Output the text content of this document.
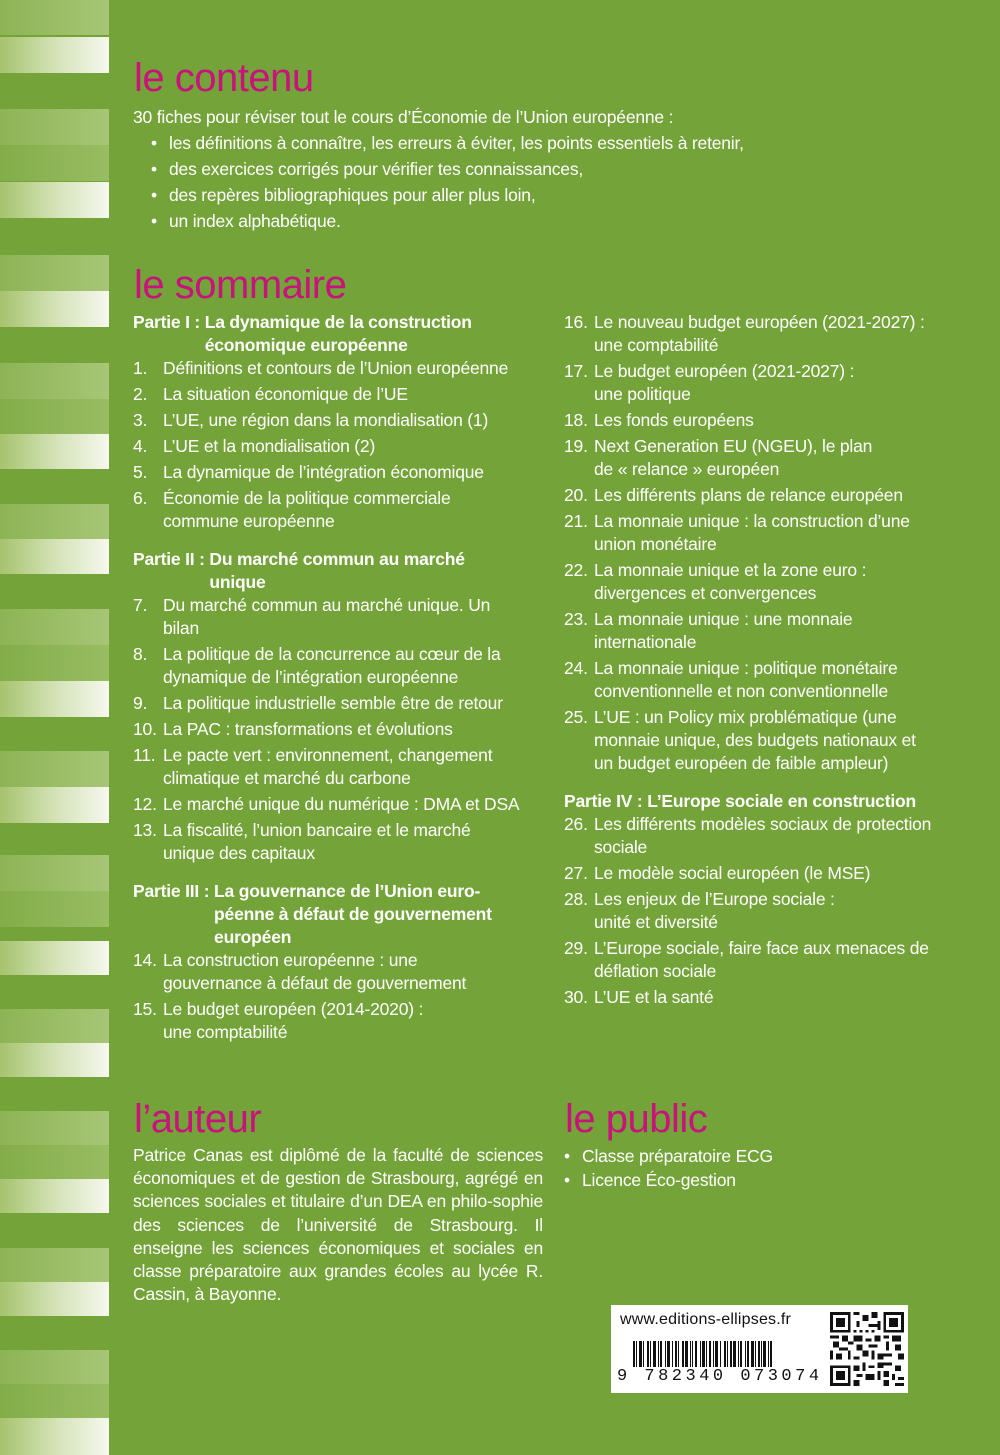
le contenu
30 fiches pour réviser tout le cours d’Économie de l’Union européenne :
• les définitions à connaître, les erreurs à éviter, les points essentiels à retenir,
• des exercices corrigés pour vérifier tes connaissances,
• des repères bibliographiques pour aller plus loin,
• un index alphabétique.
le sommaire
Partie I : La dynamique de la construction économique européenne
1. Définitions et contours de l’Union européenne
2. La situation économique de l’UE
3. L’UE, une région dans la mondialisation (1)
4. L’UE et la mondialisation (2)
5. La dynamique de l’intégration économique
6. Économie de la politique commerciale commune européenne
Partie II : Du marché commun au marché unique
7. Du marché commun au marché unique. Un bilan
8. La politique de la concurrence au cœur de la dynamique de l’intégration européenne
9. La politique industrielle semble être de retour
10. La PAC : transformations et évolutions
11. Le pacte vert : environnement, changement climatique et marché du carbone
12. Le marché unique du numérique : DMA et DSA
13. La fiscalité, l’union bancaire et le marché unique des capitaux
Partie III : La gouvernance de l’Union euro-péenne à défaut de gouvernement européen
14. La construction européenne : une gouvernance à défaut de gouvernement
15. Le budget européen (2014-2020) : une comptabilité
16. Le nouveau budget européen (2021-2027) : une comptabilité
17. Le budget européen (2021-2027) : une politique
18. Les fonds européens
19. Next Generation EU (NGEU), le plan de « relance » européen
20. Les différents plans de relance européen
21. La monnaie unique : la construction d’une union monétaire
22. La monnaie unique et la zone euro : divergences et convergences
23. La monnaie unique : une monnaie internationale
24. La monnaie unique : politique monétaire conventionnelle et non conventionnelle
25. L’UE : un Policy mix problématique (une monnaie unique, des budgets nationaux et un budget européen de faible ampleur)
Partie IV : L’Europe sociale en construction
26. Les différents modèles sociaux de protection sociale
27. Le modèle social européen (le MSE)
28. Les enjeux de l’Europe sociale : unité et diversité
29. L’Europe sociale, faire face aux menaces de déflation sociale
30. L’UE et la santé
l’auteur
Patrice Canas est diplômé de la faculté de sciences économiques et de gestion de Strasbourg, agrégé en sciences sociales et titulaire d’un DEA en philo-sophie des sciences de l’université de Strasbourg. Il enseigne les sciences économiques et sociales en classe préparatoire aux grandes écoles au lycée R. Cassin, à Bayonne.
le public
• Classe préparatoire ECG
• Licence Éco-gestion
www.editions-ellipses.fr
9 782340 073074
